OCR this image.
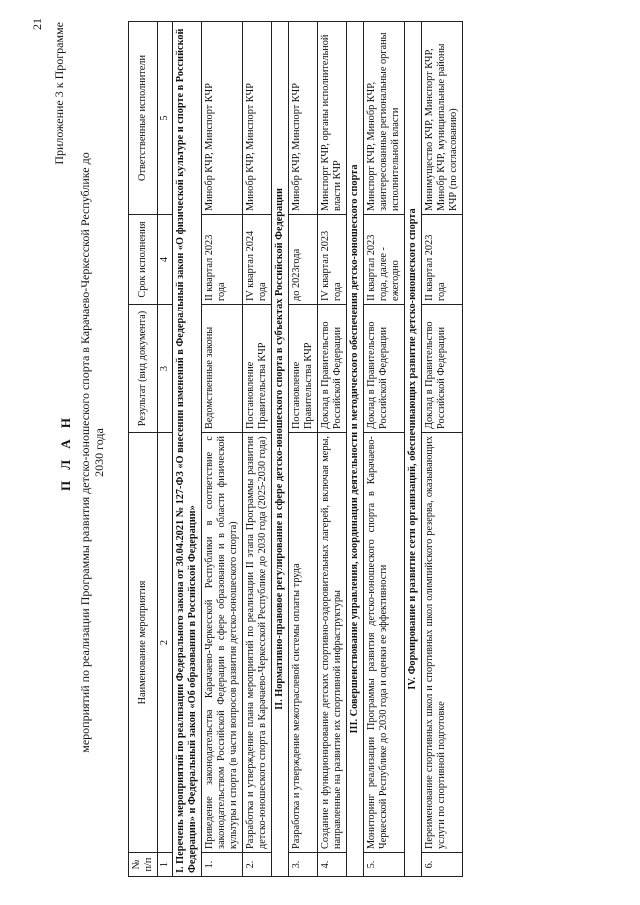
21 Приложение 3 к Программе
П Л А Н мероприятий по реализации Программы развития детско-юношеского спорта в Карачаево-Черкесской Республике до 2030 года
№ п/п	Наименование мероприятия	Результат (вид документа)	Срок исполнения	Ответственные исполнители
1	2	3	4	5
I. Перечень мероприятий по реализации Федерального закона от 30.04.2021 № 127-ФЗ «О внесении изменений в Федеральный закон «О физической культуре и спорте в Российской Федерации» и Федеральный закон «Об образовании в Российской Федерации»				
1.	Приведение законодательства Карачаево-Черкесской Республики в соответствие с законодательством Российской Федерации в сфере образования и в области физической культуры и спорта (в части вопросов развития детско-юношеского спорта)	Ведомственные законы	II квартал 2023 года	Минобр КЧР, Минспорт КЧР
2.	Разработка и утверждение плана мероприятий по реализации II этапа Программы развития детско-юношеского спорта в Карачаево-Черкесской Республике до 2030 года (2025-2030 года)	Постановление Правительства КЧР	IV квартал 2024 года	Минобр КЧР, Минспорт КЧР
II. Нормативно-правовое регулирование в сфере детско-юношеского спорта в субъектах Российской Федерации				
3.	Разработка и утверждение межотраслевой системы оплаты труда	Постановление Правительства КЧР	до 2023года	Минобр КЧР, Минспорт КЧР
4.	Создание и функционирование детских спортивно-оздоровительных лагерей, включая меры, направленные на развитие их спортивной инфраструктуры	Доклад в Правительство Российской Федерации	IV квартал 2023 года	Минспорт КЧР, органы исполнительной власти КЧР
III. Совершенствование управления, координации деятельности и методического обеспечения детско-юношеского спорта				
5.	Мониторинг реализации Программы развития детско-юношеского спорта в Карачаево-Черкесской Республике до 2030 года и оценки ее эффективности	Доклад в Правительство Российской Федерации	II квартал 2023 года, далее - ежегодно	Минспорт КЧР, Минобр КЧР, заинтересованные региональные органы исполнительной власти
IV. Формирование и развитие сети организаций, обеспечивающих развитие детско-юношеского спорта				
6.	Переименование спортивных школ и спортивных школ олимпийского резерва, оказывающих услуги по спортивной подготовке	Доклад в Правительство Российской Федерации	II квартал 2023 года	Минимущество КЧР, Минспорт КЧР, Минобр КЧР, муниципальные районы КЧР (по согласованию)
